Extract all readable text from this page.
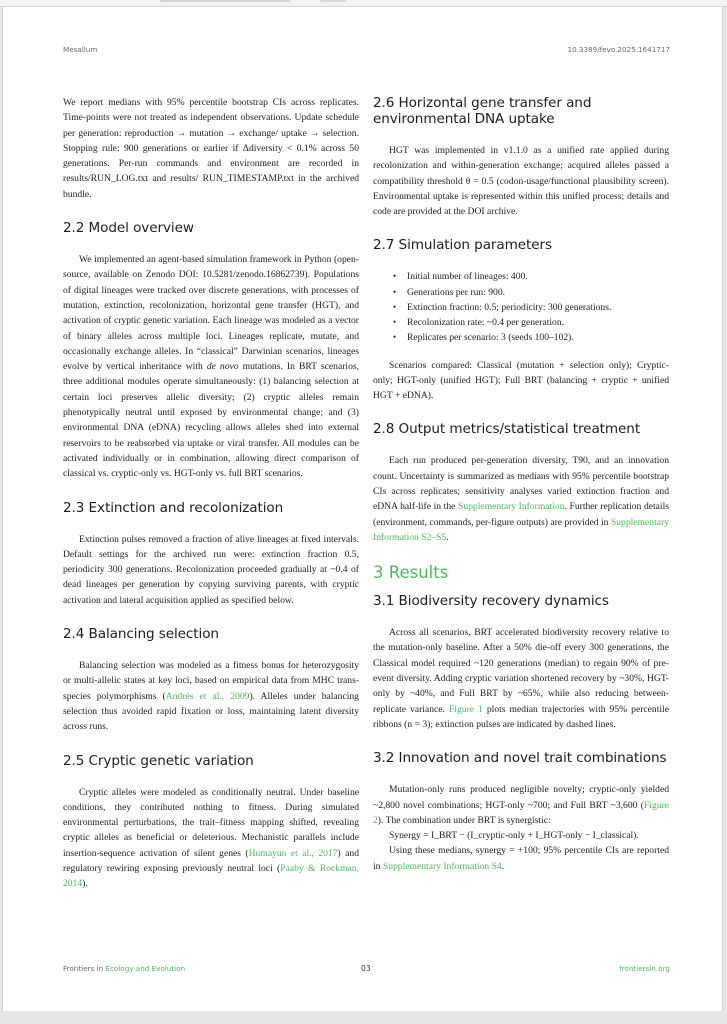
Mesallum	10.3389/fevo.2025.1641717

We report medians with 95% percentile bootstrap CIs across replicates. Time-points were not treated as independent observations. Update schedule per generation: reproduction → mutation → exchange/ uptake → selection. Stopping rule: 900 generations or earlier if Δdiversity < 0.1% across 50 generations. Per-run commands and environment are recorded in results/RUN_LOG.txt and results/ RUN_TIMESTAMP.txt in the archived bundle.

2.2 Model overview

We implemented an agent-based simulation framework in Python (open-source, available on Zenodo DOI: 10.5281/zenodo.16862739). Populations of digital lineages were tracked over discrete generations, with processes of mutation, extinction, recolonization, horizontal gene transfer (HGT), and activation of cryptic genetic variation. Each lineage was modeled as a vector of binary alleles across multiple loci. Lineages replicate, mutate, and occasionally exchange alleles. In “classical” Darwinian scenarios, lineages evolve by vertical inheritance with de novo mutations. In BRT scenarios, three additional modules operate simultaneously: (1) balancing selection at certain loci preserves allelic diversity; (2) cryptic alleles remain phenotypically neutral until exposed by environmental change; and (3) environmental DNA (eDNA) recycling allows alleles shed into external reservoirs to be reabsorbed via uptake or viral transfer. All modules can be activated individually or in combination, allowing direct comparison of classical vs. cryptic-only vs. HGT-only vs. full BRT scenarios.

2.3 Extinction and recolonization

Extinction pulses removed a fraction of alive lineages at fixed intervals. Default settings for the archived run were: extinction fraction 0.5, periodicity 300 generations. Recolonization proceeded gradually at ~0.4 of dead lineages per generation by copying surviving parents, with cryptic activation and lateral acquisition applied as specified below.

2.4 Balancing selection

Balancing selection was modeled as a fitness bonus for heterozygosity or multi-allelic states at key loci, based on empirical data from MHC trans-species polymorphisms (Andrés et al., 2009). Alleles under balancing selection thus avoided rapid fixation or loss, maintaining latent diversity across runs.

2.5 Cryptic genetic variation

Cryptic alleles were modeled as conditionally neutral. Under baseline conditions, they contributed nothing to fitness. During simulated environmental perturbations, the trait–fitness mapping shifted, revealing cryptic alleles as beneficial or deleterious. Mechanistic parallels include insertion-sequence activation of silent genes (Humayun et al., 2017) and regulatory rewiring exposing previously neutral loci (Paaby & Rockman, 2014).

2.6 Horizontal gene transfer and environmental DNA uptake

HGT was implemented in v1.1.0 as a unified rate applied during recolonization and within-generation exchange; acquired alleles passed a compatibility threshold θ = 0.5 (codon-usage/functional plausibility screen). Environmental uptake is represented within this unified process; details and code are provided at the DOI archive.

2.7 Simulation parameters
• Initial number of lineages: 400.
• Generations per run: 900.
• Extinction fraction: 0.5; periodicity: 300 generations.
• Recolonization rate: ~0.4 per generation.
• Replicates per scenario: 3 (seeds 100–102).

Scenarios compared: Classical (mutation + selection only); Cryptic-only; HGT-only (unified HGT); Full BRT (balancing + cryptic + unified HGT + eDNA).

2.8 Output metrics/statistical treatment

Each run produced per-generation diversity, T90, and an innovation count. Uncertainty is summarized as medians with 95% percentile bootstrap CIs across replicates; sensitivity analyses varied extinction fraction and eDNA half-life in the Supplementary Information. Further replication details (environment, commands, per-figure outputs) are provided in Supplementary Information S2–S5.

3 Results
3.1 Biodiversity recovery dynamics

Across all scenarios, BRT accelerated biodiversity recovery relative to the mutation-only baseline. After a 50% die-off every 300 generations, the Classical model required ~120 generations (median) to regain 90% of pre-event diversity. Adding cryptic variation shortened recovery by ~30%, HGT-only by ~40%, and Full BRT by ~65%, while also reducing between-replicate variance. Figure 1 plots median trajectories with 95% percentile ribbons (n = 3); extinction pulses are indicated by dashed lines.

3.2 Innovation and novel trait combinations

Mutation-only runs produced negligible novelty; cryptic-only yielded ~2,800 novel combinations; HGT-only ~700; and Full BRT ~3,600 (Figure 2). The combination under BRT is synergistic:

Synergy = I_BRT − (I_cryptic-only + I_HGT-only − I_classical).

Using these medians, synergy = +100; 95% percentile CIs are reported in Supplementary Information S4.

Frontiers in Ecology and Evolution	03	frontiersin.org
